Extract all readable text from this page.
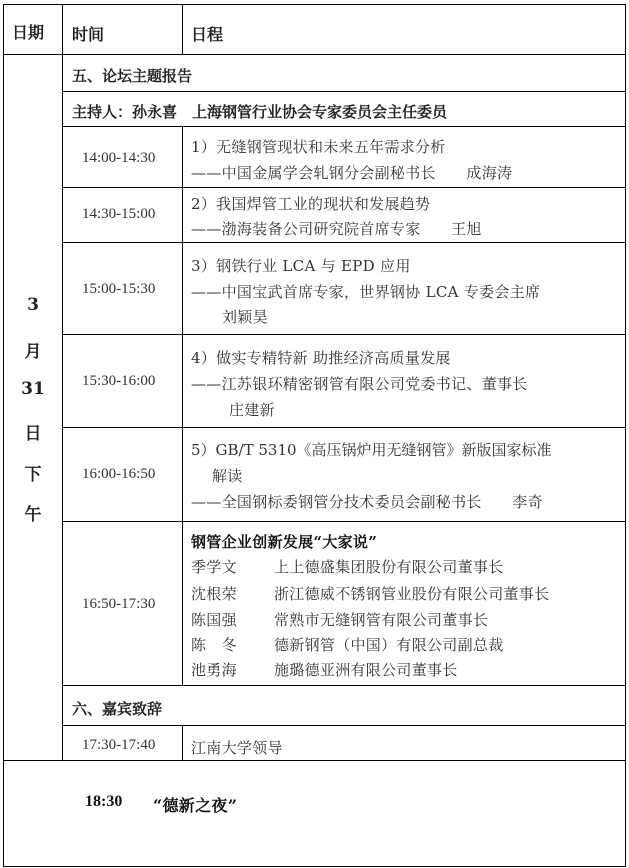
日期 时间	日程
3
月
31
日
下
午
五、论坛主题报告
主持人：孙永喜　上海钢管行业协会专家委员会主任委员
14:00-14:30
1）无缝钢管现状和未来五年需求分析
——中国金属学会轧钢分会副秘书长　　成海涛
14:30-15:00
2）我国焊管工业的现状和发展趋势
——渤海装备公司研究院首席专家　　王旭
15:00-15:30
3）钢铁行业 LCA 与 EPD 应用
——中国宝武首席专家，世界钢协 LCA 专委会主席
刘颖昊
15:30-16:00
4）做实专精特新 助推经济高质量发展
——江苏银环精密钢管有限公司党委书记、董事长
庄建新
16:00-16:50
5）GB/T 5310《高压锅炉用无缝钢管》新版国家标准
解读
——全国钢标委钢管分技术委员会副秘书长　　李奇
16:50-17:30
钢管企业创新发展“大家说”
季学文 上上德盛集团股份有限公司董事长
沈根荣 浙江德威不锈钢管业股份有限公司董事长
陈国强 常熟市无缝钢管有限公司董事长
陈　冬 德新钢管（中国）有限公司副总裁
池勇海 施璐德亚洲有限公司董事长
六、嘉宾致辞
17:30-17:40 江南大学领导
18:30 “德新之夜”
